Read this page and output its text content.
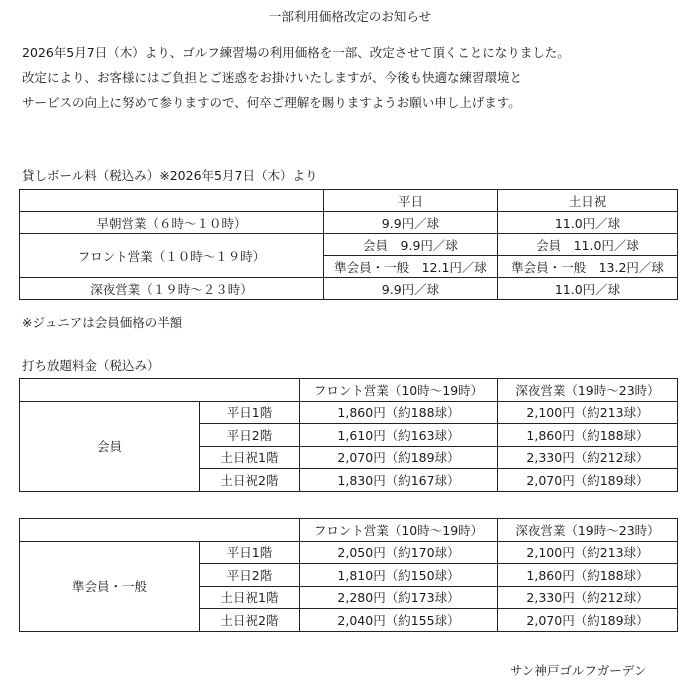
一部利用価格改定のお知らせ
2026年5月7日（木）より、ゴルフ練習場の利用価格を一部、改定させて頂くことになりました。
改定により、お客様にはご負担とご迷惑をお掛けいたしますが、今後も快適な練習環境と
サービスの向上に努めて参りますので、何卒ご理解を賜りますようお願い申し上げます。
貸しボール料（税込み）※2026年5月7日（木）より
	平日	土日祝
早朝営業（６時～１０時）	9.9円／球	11.0円／球
フロント営業（１０時～１９時）	会員　9.9円／球	会員　11.0円／球
	準会員・一般　12.1円／球	準会員・一般　13.2円／球
深夜営業（１９時～２３時）	9.9円／球	11.0円／球
※ジュニアは会員価格の半額
打ち放題料金（税込み）
		フロント営業（10時～19時）	深夜営業（19時～23時）
会員	平日1階	1,860円（約188球）	2,100円（約213球）
	平日2階	1,610円（約163球）	1,860円（約188球）
	土日祝1階	2,070円（約189球）	2,330円（約212球）
	土日祝2階	1,830円（約167球）	2,070円（約189球）
		フロント営業（10時～19時）	深夜営業（19時～23時）
準会員・一般	平日1階	2,050円（約170球）	2,100円（約213球）
	平日2階	1,810円（約150球）	1,860円（約188球）
	土日祝1階	2,280円（約173球）	2,330円（約212球）
	土日祝2階	2,040円（約155球）	2,070円（約189球）
サン神戸ゴルフガーデン
